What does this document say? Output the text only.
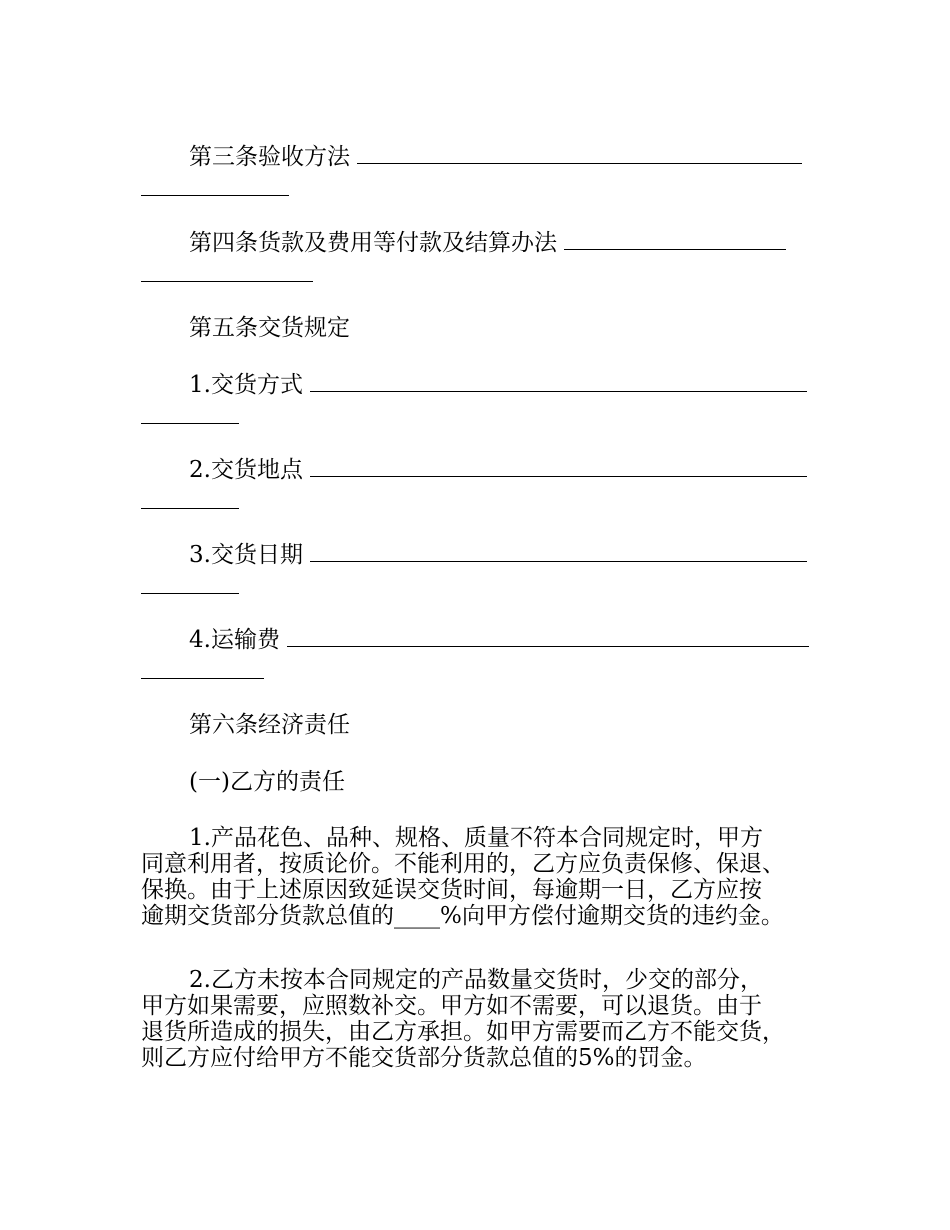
第三条验收方法
第四条货款及费用等付款及结算办法
第五条交货规定
1.交货方式
2.交货地点
3.交货日期
4.运输费
第六条经济责任
(一)乙方的责任
1.产品花色、品种、规格、质量不符本合同规定时，甲方
同意利用者，按质论价。不能利用的，乙方应负责保修、保退、
保换。由于上述原因致延误交货时间，每逾期一日，乙方应按
逾期交货部分货款总值的____%向甲方偿付逾期交货的违约金。
2.乙方未按本合同规定的产品数量交货时，少交的部分，
甲方如果需要，应照数补交。甲方如不需要，可以退货。由于
退货所造成的损失，由乙方承担。如甲方需要而乙方不能交货，
则乙方应付给甲方不能交货部分货款总值的5%的罚金。
